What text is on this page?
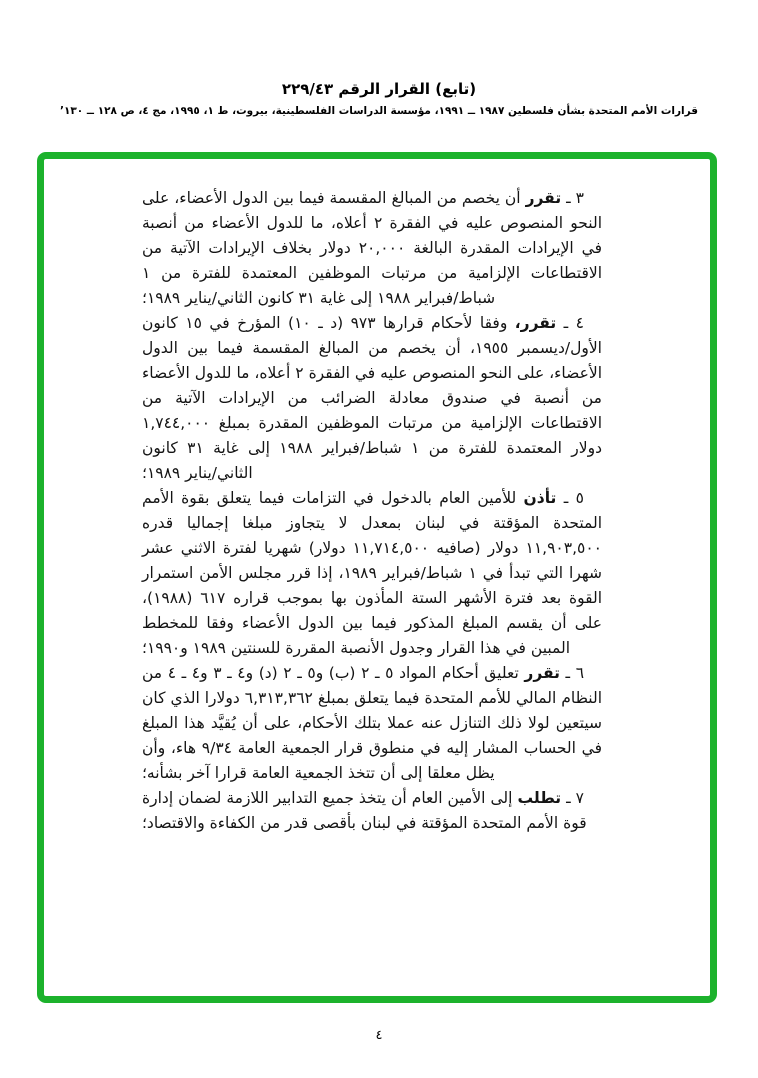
(تابع) القرار الرقم ٢٢٩/٤٣
قرارات الأمم المتحدة بشأن فلسطين ١٩٨٧ ــ ١٩٩١، مؤسسة الدراسات الفلسطينية، بيروت، ط ١، ١٩٩٥، مج ٤، ص ١٢٨ ــ ١٣٠’

٣ ـ تقرر أن يخصم من المبالغ المقسمة فيما بين الدول الأعضاء، على النحو المنصوص عليه في الفقرة ٢ أعلاه، ما للدول الأعضاء من أنصبة في الإيرادات المقدرة البالغة ٢٠,٠٠٠ دولار بخلاف الإيرادات الآتية من الاقتطاعات الإلزامية من مرتبات الموظفين المعتمدة للفترة من ١ شباط/فبراير ١٩٨٨ إلى غاية ٣١ كانون الثاني/يناير ١٩٨٩؛

٤ ـ تقرر، وفقا لأحكام قرارها ٩٧٣ (د ـ ١٠) المؤرخ في ١٥ كانون الأول/ديسمبر ١٩٥٥، أن يخصم من المبالغ المقسمة فيما بين الدول الأعضاء، على النحو المنصوص عليه في الفقرة ٢ أعلاه، ما للدول الأعضاء من أنصبة في صندوق معادلة الضرائب من الإيرادات الآتية من الاقتطاعات الإلزامية من مرتبات الموظفين المقدرة بمبلغ ١,٧٤٤,٠٠٠ دولار المعتمدة للفترة من ١ شباط/فبراير ١٩٨٨ إلى غاية ٣١ كانون الثاني/يناير ١٩٨٩؛

٥ ـ تأذن للأمين العام بالدخول في التزامات فيما يتعلق بقوة الأمم المتحدة المؤقتة في لبنان بمعدل لا يتجاوز مبلغا إجماليا قدره ١١,٩٠٣,٥٠٠ دولار (صافيه ١١,٧١٤,٥٠٠ دولار) شهريا لفترة الاثني عشر شهرا التي تبدأ في ١ شباط/فبراير ١٩٨٩، إذا قرر مجلس الأمن استمرار القوة بعد فترة الأشهر الستة المأذون بها بموجب قراره ٦١٧ (١٩٨٨)، على أن يقسم المبلغ المذكور فيما بين الدول الأعضاء وفقا للمخطط المبين في هذا القرار وجدول الأنصبة المقررة للسنتين ١٩٨٩ و١٩٩٠؛

٦ ـ تقرر تعليق أحكام المواد ٥ ـ ٢ (ب) و٥ ـ ٢ (د) و٤ ـ ٣ و٤ ـ ٤ من النظام المالي للأمم المتحدة فيما يتعلق بمبلغ ٦,٣١٣,٣٦٢ دولارا الذي كان سيتعين لولا ذلك التنازل عنه عملا بتلك الأحكام، على أن يُقيَّد هذا المبلغ في الحساب المشار إليه في منطوق قرار الجمعية العامة ٩/٣٤ هاء، وأن يظل معلقا إلى أن تتخذ الجمعية العامة قرارا آخر بشأنه؛

٧ ـ تطلب إلى الأمين العام أن يتخذ جميع التدابير اللازمة لضمان إدارة قوة الأمم المتحدة المؤقتة في لبنان بأقصى قدر من الكفاءة والاقتصاد؛

٤
